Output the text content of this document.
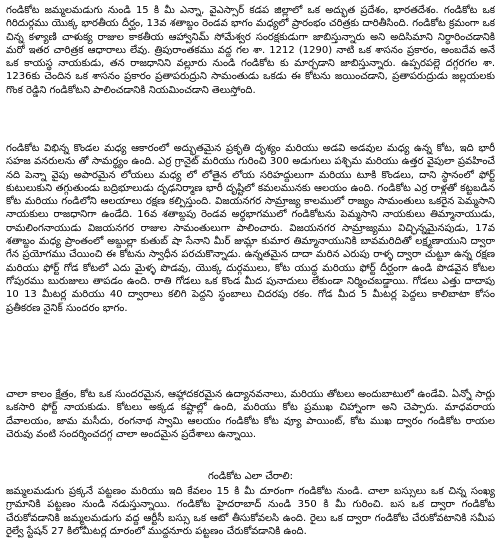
గండికోట జమ్మలమడుగు నుండి 15 కి మీ ఎన్నా, వైఎస్సార్ కడప జిల్లాలో ఒక అద్భుత ప్రదేశం, భారతదేశం. గండికోట ఒక గిరిదుర్గము యొక్క భారతీయ దీర్ఘం, 13వ శతాబ్దం రెండవ భాగం మధ్యలో ప్రారంభం చరిత్రకు దారితీసింది. గండికోట క్రమంగా ఒక చిన్న కళ్యాణి చాళుక్య రాజుల కాకతీయ ఆహ్వానిమ్ సోమేశ్వర సంరక్షకుడుగా జాబిస్తున్నారు అని అదిసిమాని నిర్ధారించడానికి మరో ఇతర చారిత్రక ఆధారాలు లేవు. త్రిపురాంతకము వద్ద గల శా. 1212 (1290) నాటి ఒక శాసనం ప్రకారం, అంబదేవ అనే ఒక కాయస్థ నాయకుడు, తన రాజధానిని వల్లూరు నుండి గండికోట కు మార్చడాని జాబిస్తున్నారు. ఉప్పరపల్లె దగ్గరగల శా. 1236కు చెందిన ఒక శాసనం ప్రకారం ప్రతాపరుద్రుని సామంతుడు ఒకడు ఈ కోటను జయించడాని, ప్రతాపరుద్రుడు జల్లయలకు గొంక రెడ్డిని గండికోటని పాలించడానికి నియమించడాని తెలుస్తోంది.

గండికోట విభిన్న కొండల మధ్య ఆకారంలో అద్భుతమైన ప్రకృతి దృశ్యం మరియు అడవి అడవుల మధ్య ఉన్న కోట, ఇది భారీ సహజ వనరులను తో సామర్థ్యం ఉంది. ఎర్ర గ్రానైట్ మరియు గురించి 300 అడుగులు పశ్చిమ మరియు ఉత్తర వైపులా ప్రవహించే నది పెన్నా వైపు అపారమైన లోయలు మధ్య లో లోతైన లోయ సరిహద్దులుగా మరియు టూకి కొండలు, దాని స్థానంలో ఫోర్ట్ కుటులుకుని తగ్గుతుండు బద్రిభూలుడు దృఢనిర్మాణ భారీ దృష్టిలో కమలమునకు ఆలయం ఉంది. గండికోట ఎర్ర రాళ్లతో కట్టబడిన కోట మరియు గండిలోని ఆలయాలు రక్షణ కల్పిస్తుంది. విజయనగర సామ్రాజ్య కాలములో రాజ్యం సామంతులు ఒకరైన పెమ్మసాని నాయకులు రాజధానిగా ఉండేది. 16వ శతాబ్దపు రెండవ అర్థభాగములో గండికోటను పెమ్మసాని నాయకులు తిమ్మానాయుడు, రామలింగనాయుడు విజయనగర రాజుల సామంతులుగా పాలించారు. విజయనగర సామ్రాజ్యము విచ్ఛిన్నమైనపుడు, 17వ శతాబ్దం మధ్య ప్రాంతంలో అబ్దుల్లా కుతుబ్ షా సేనాని మీర్ జుమ్లా కుమార తిమ్మానాయునికి బావమరిదితో లక్ష్మణాయుని ద్వారా గేన ప్రయోగము చేయించి ఈ కోటను స్వాధీన పరచుకొన్నాడు. ఉన్నతమైన దాదా మరిన ఎరుపు రాళ్ళ ద్వారా చుట్టూ ఉన్న రక్షణ మరియు ఫోర్ట్ గోడ కోటలో ఎదు మైళ్ళ పొడవు, యొక్క దుర్గములు, కోట యుద్ధ మరియు ఫోర్ట్ దీర్ఘంగా ఉండి పొడవైన కోటల గోపురము బురుజులు తాపడం ఉంది. రాతి గోడలు ఒక కొండ మీద పునాదులు లేకుండా నిర్మించబడ్డాయి. గోడలు ఎత్తు దాదాపు 10 13 మీటర్ల మరియు 40 ద్వారాలు కలిగి పెద్దని స్థంబాలు చిదరపు రకం. గోడ మీద 5 మీటర్ల పెద్దలు కాలిబాటా కోసం ప్రతీకరణ నైనిక్ సుందరం భాగం.

చాలా కాలం క్షేత్రం, కోట ఒక సుందరమైన, ఆహ్లాదకరమైన ఉద్యానవనాలు, మరియు తోటలు అందుబాటులో ఉండేవి. ఏన్నో సార్లు ఒకసారి ఫోర్ట్ నాయకుడు. కోటలు అక్కడ కష్టాల్లో ఉంది, మరియు కోట ప్రముఖ చిహ్నాంగా అని చెప్పారు. మాధవరాయ దేవాలయం, జామ మసీదు, రంగనాథ స్వామి ఆలయం గండికోట కోట వ్యూ పాయింట్, కోట ముఖ ద్వారం గండికోట రాయల చెరువు వంటి సందర్శించదగ్గ చాలా అందమైన ప్రదేశాలు ఉన్నాయి.

గండికోట ఎలా చేరాలి:

జమ్మలమడుగు ప్రక్కనే పట్టణం మరియు ఇది కేవలం 15 కి మీ దూరంగా గండికోట నుండి. చాలా బస్సులు ఒక చిన్న సంఖ్య గ్రామానికి పట్టణం నుండి నడుస్తున్నాయి. గండికోట హైదరాబాద్ నుండి 350 కి మీ గురించి. బస ఒక ద్వారా గండికోట చేరుకోవడానికి జమ్మలమడుగు వద్ద ఆర్టీసీ బస్సు ఒక ఆటో తీసుకోవలసి ఉంది. రైలు ఒక ద్వారా గండికోట చేరుకోవటానికి సమీప రైల్వే స్టేషన్ 27 కిలోమీటర్ల దూరంలో ముద్దనూరు పట్టణం చేరుకోవడానికి ఉంది.
